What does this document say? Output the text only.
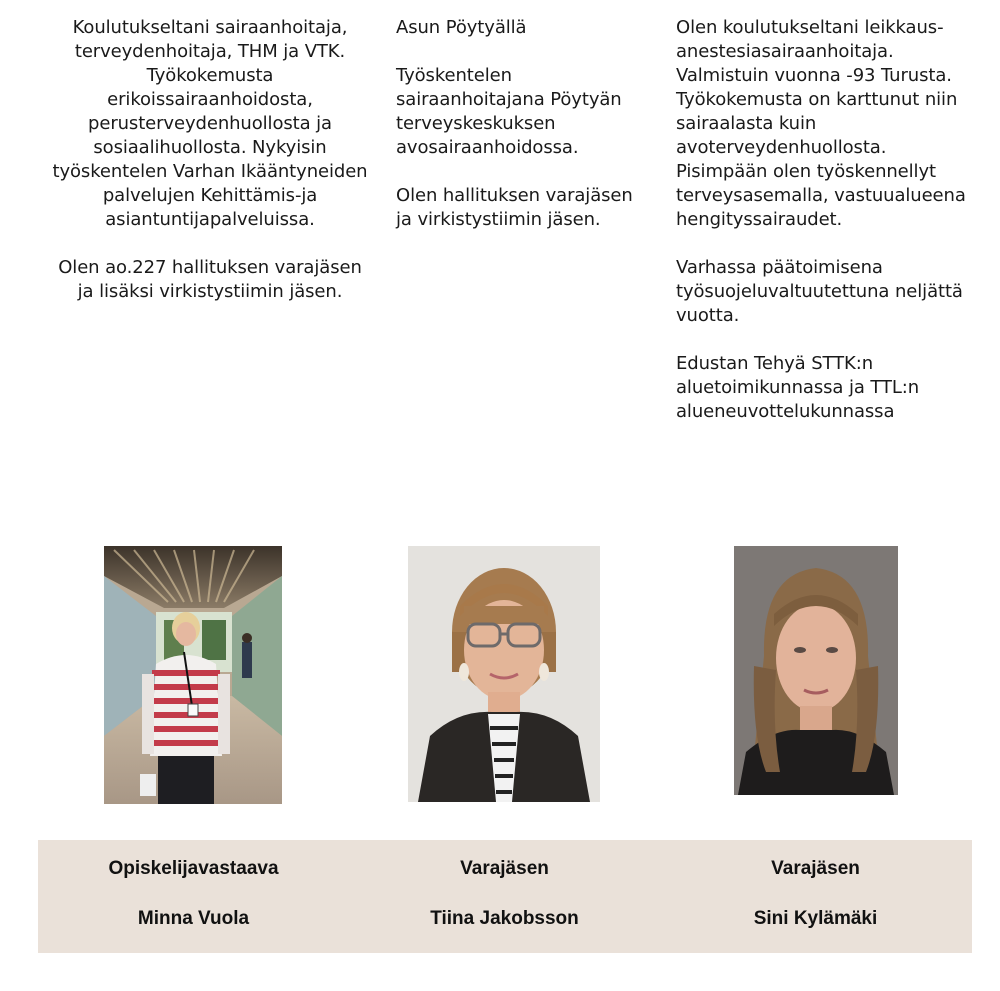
Koulutukseltani sairaanhoitaja, terveydenhoitaja, THM ja VTK. Työkokemusta erikoissairaanhoidosta, perusterveydenhuollosta ja sosiaalihuollosta. Nykyisin työskentelen Varhan Ikääntyneiden palvelujen Kehittämis-ja asiantuntijapalveluissa.

Olen ao.227 hallituksen varajäsen ja lisäksi virkistystiimin jäsen.

Asun Pöytyällä

Työskentelen sairaanhoitajana Pöytyän terveyskeskuksen avosairaanhoidossa.

Olen hallituksen varajäsen ja virkistystiimin jäsen.

Olen koulutukseltani leikkaus-anestesiasairaanhoitaja. Valmistuin vuonna -93 Turusta. Työkokemusta on karttunut niin sairaalasta kuin avoterveydenhuollosta. Pisimpään olen työskennellyt terveysasemalla, vastuualueena hengityssairaudet.

Varhassa päätoimisena työsuojeluvaltuutettuna neljättä vuotta.

Edustan Tehyä STTK:n aluetoimikunnassa ja TTL:n alueneuvottelukunnassa

Opiskelijavastaava
Minna Vuola
Varajäsen
Tiina Jakobsson
Varajäsen
Sini Kylämäki
